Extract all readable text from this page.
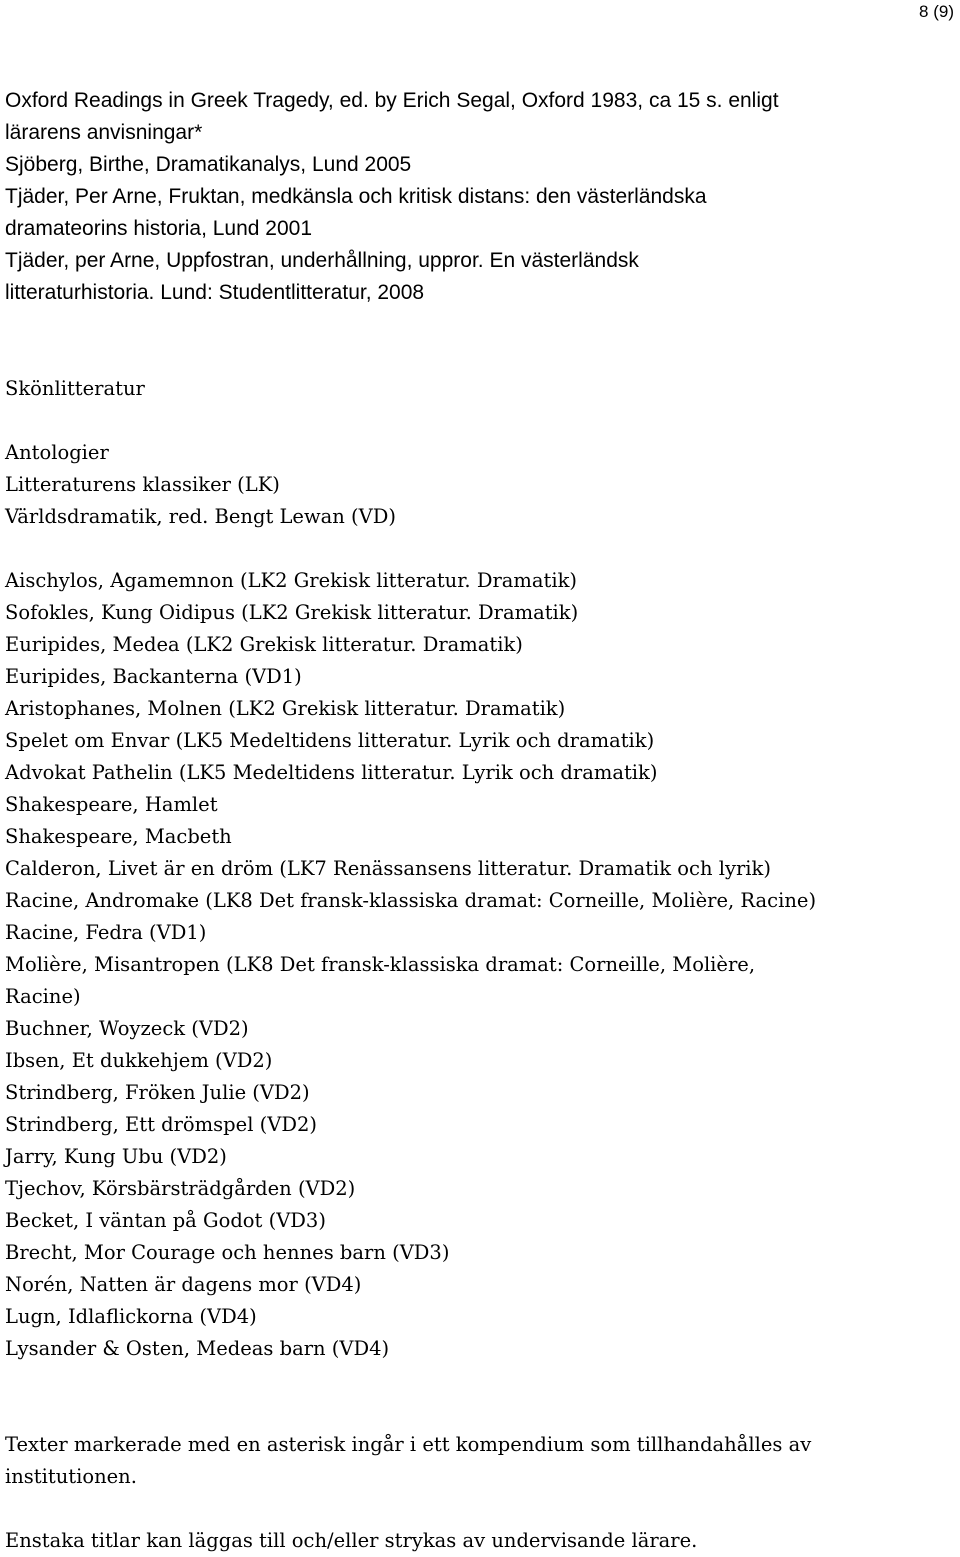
8 (9)
Oxford Readings in Greek Tragedy, ed. by Erich Segal, Oxford 1983, ca 15 s. enligt
lärarens anvisningar*
Sjöberg, Birthe, Dramatikanalys, Lund 2005
Tjäder, Per Arne, Fruktan, medkänsla och kritisk distans: den västerländska
dramateorins historia, Lund 2001
Tjäder, per Arne, Uppfostran, underhållning, uppror. En västerländsk
litteraturhistoria. Lund: Studentlitteratur, 2008
Skönlitteratur
Antologier
Litteraturens klassiker (LK)
Världsdramatik, red. Bengt Lewan (VD)
Aischylos, Agamemnon (LK2 Grekisk litteratur. Dramatik)
Sofokles, Kung Oidipus (LK2 Grekisk litteratur. Dramatik)
Euripides, Medea (LK2 Grekisk litteratur. Dramatik)
Euripides, Backanterna (VD1)
Aristophanes, Molnen (LK2 Grekisk litteratur. Dramatik)
Spelet om Envar (LK5 Medeltidens litteratur. Lyrik och dramatik)
Advokat Pathelin (LK5 Medeltidens litteratur. Lyrik och dramatik)
Shakespeare, Hamlet
Shakespeare, Macbeth
Calderon, Livet är en dröm (LK7 Renässansens litteratur. Dramatik och lyrik)
Racine, Andromake (LK8 Det fransk-klassiska dramat: Corneille, Molière, Racine)
Racine, Fedra (VD1)
Molière, Misantropen (LK8 Det fransk-klassiska dramat: Corneille, Molière,
Racine)
Buchner, Woyzeck (VD2)
Ibsen, Et dukkehjem (VD2)
Strindberg, Fröken Julie (VD2)
Strindberg, Ett drömspel (VD2)
Jarry, Kung Ubu (VD2)
Tjechov, Körsbärsträdgården (VD2)
Becket, I väntan på Godot (VD3)
Brecht, Mor Courage och hennes barn (VD3)
Norén, Natten är dagens mor (VD4)
Lugn, Idlaflickorna (VD4)
Lysander & Osten, Medeas barn (VD4)
Texter markerade med en asterisk ingår i ett kompendium som tillhandahålles av
institutionen.
Enstaka titlar kan läggas till och/eller strykas av undervisande lärare.
